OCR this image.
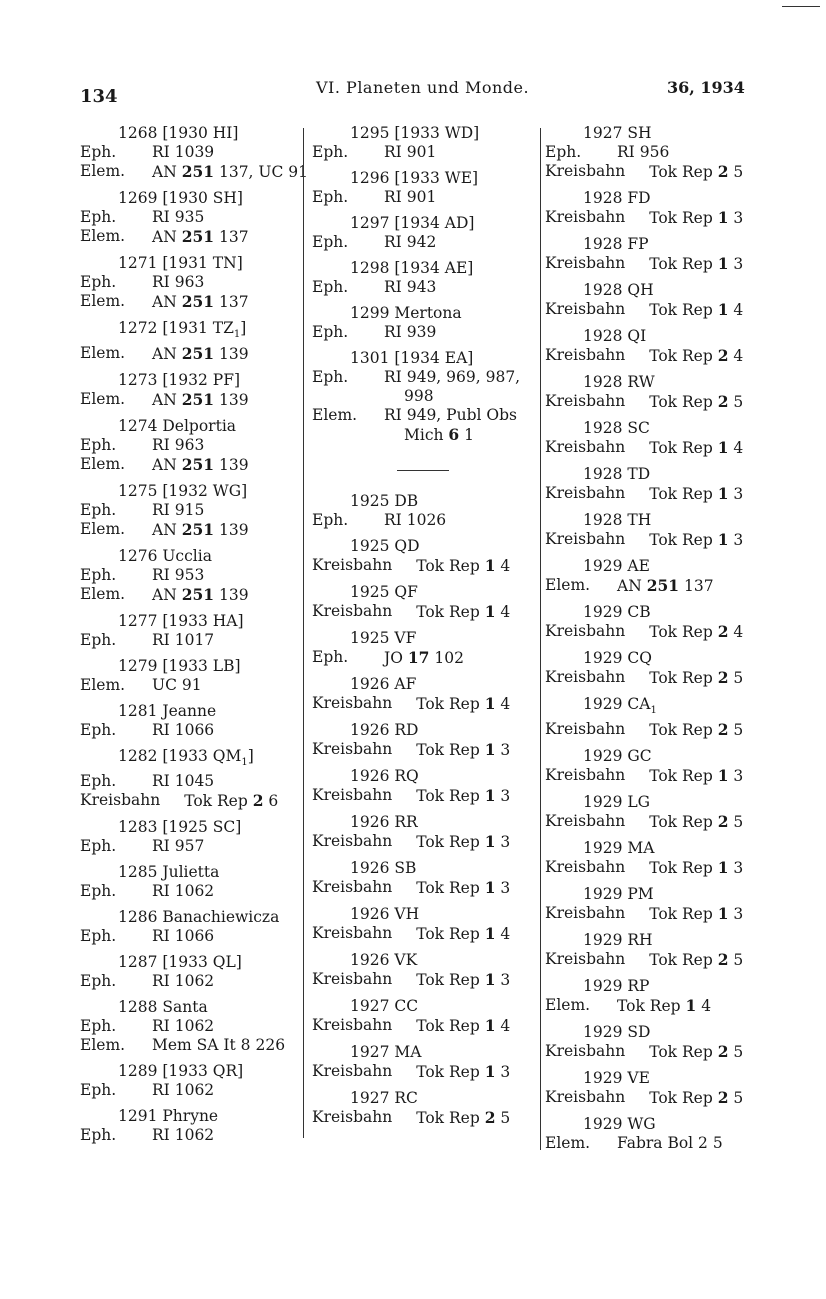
134	VI. Planeten und Monde.	36, 1934
1268 [1930 HI]
Eph.	RI 1039
Elem.	AN 251 137, UC 91
1269 [1930 SH]
Eph.	RI 935
Elem.	AN 251 137
1271 [1931 TN]
Eph.	RI 963
Elem.	AN 251 137
1272 [1931 $TZ_1$]
Elem.	AN 251 139
1273 [1932 PF]
Elem.	AN 251 139
1274 Delportia
Eph.	RI 963
Elem.	AN 251 139
1275 [1932 WG]
Eph.	RI 915
Elem.	AN 251 139
1276 Ucclia
Eph.	RI 953
Elem.	AN 251 139
1277 [1933 HA]
Eph.	RI 1017
1279 [1933 LB]
Elem.	UC 91
1281 Jeanne
Eph.	RI 1066
1282 [1933 $QM_1$]
Eph.	RI 1045
Kreisbahn Tok Rep 2 6
1283 [1925 SC]
Eph.	RI 957
1285 Julietta
Eph.	RI 1062
1286 Banachiewicza
Eph.	RI 1066
1287 [1933 QL]
Eph.	RI 1062
1288 Santa
Eph.	RI 1062
Elem.	Mem SA It 8 226
1289 [1933 QR]
Eph.	RI 1062
1291 Phryne
Eph.	RI 1062
1295 [1933 WD]
Eph.	RI 901
1296 [1933 WE]
Eph.	RI 901
1297 [1934 AD]
Eph.	RI 942
1298 [1934 AE]
Eph.	RI 943
1299 Mertona
Eph.	RI 939
1301 [1934 EA]
Eph.	RI 949, 969, 987,
998
Elem.	RI 949, Publ Obs
Mich 6 1
1925 DB
Eph.	RI 1026
1925 QD
Kreisbahn Tok Rep 1 4
1925 QF
Kreisbahn Tok Rep 1 4
1925 VF
Eph.	JO 17 102
1926 AF
Kreisbahn Tok Rep 1 4
1926 RD
Kreisbahn Tok Rep 1 3
1926 RQ
Kreisbahn Tok Rep 1 3
1926 RR
Kreisbahn Tok Rep 1 3
1926 SB
Kreisbahn Tok Rep 1 3
1926 VH
Kreisbahn Tok Rep 1 4
1926 VK
Kreisbahn Tok Rep 1 3
1927 CC
Kreisbahn Tok Rep 1 4
1927 MA
Kreisbahn Tok Rep 1 3
1927 RC
Kreisbahn Tok Rep 2 5
1927 SH
Eph.	RI 956
Kreisbahn Tok Rep 2 5
1928 FD
Kreisbahn Tok Rep 1 3
1928 FP
Kreisbahn Tok Rep 1 3
1928 QH
Kreisbahn Tok Rep 1 4
1928 QI
Kreisbahn Tok Rep 2 4
1928 RW
Kreisbahn Tok Rep 2 5
1928 SC
Kreisbahn Tok Rep 1 4
1928 TD
Kreisbahn Tok Rep 1 3
1928 TH
Kreisbahn Tok Rep 1 3
1929 AE
Elem.	AN 251 137
1929 CB
Kreisbahn Tok Rep 2 4
1929 CQ
Kreisbahn Tok Rep 2 5
1929 $CA_1$
Kreisbahn Tok Rep 2 5
1929 GC
Kreisbahn Tok Rep 1 3
1929 LG
Kreisbahn Tok Rep 2 5
1929 MA
Kreisbahn Tok Rep 1 3
1929 PM
Kreisbahn Tok Rep 1 3
1929 RH
Kreisbahn Tok Rep 2 5
1929 RP
Elem.	Tok Rep 1 4
1929 SD
Kreisbahn Tok Rep 2 5
1929 VE
Kreisbahn Tok Rep 2 5
1929 WG
Elem.	Fabra Bol 2 5
